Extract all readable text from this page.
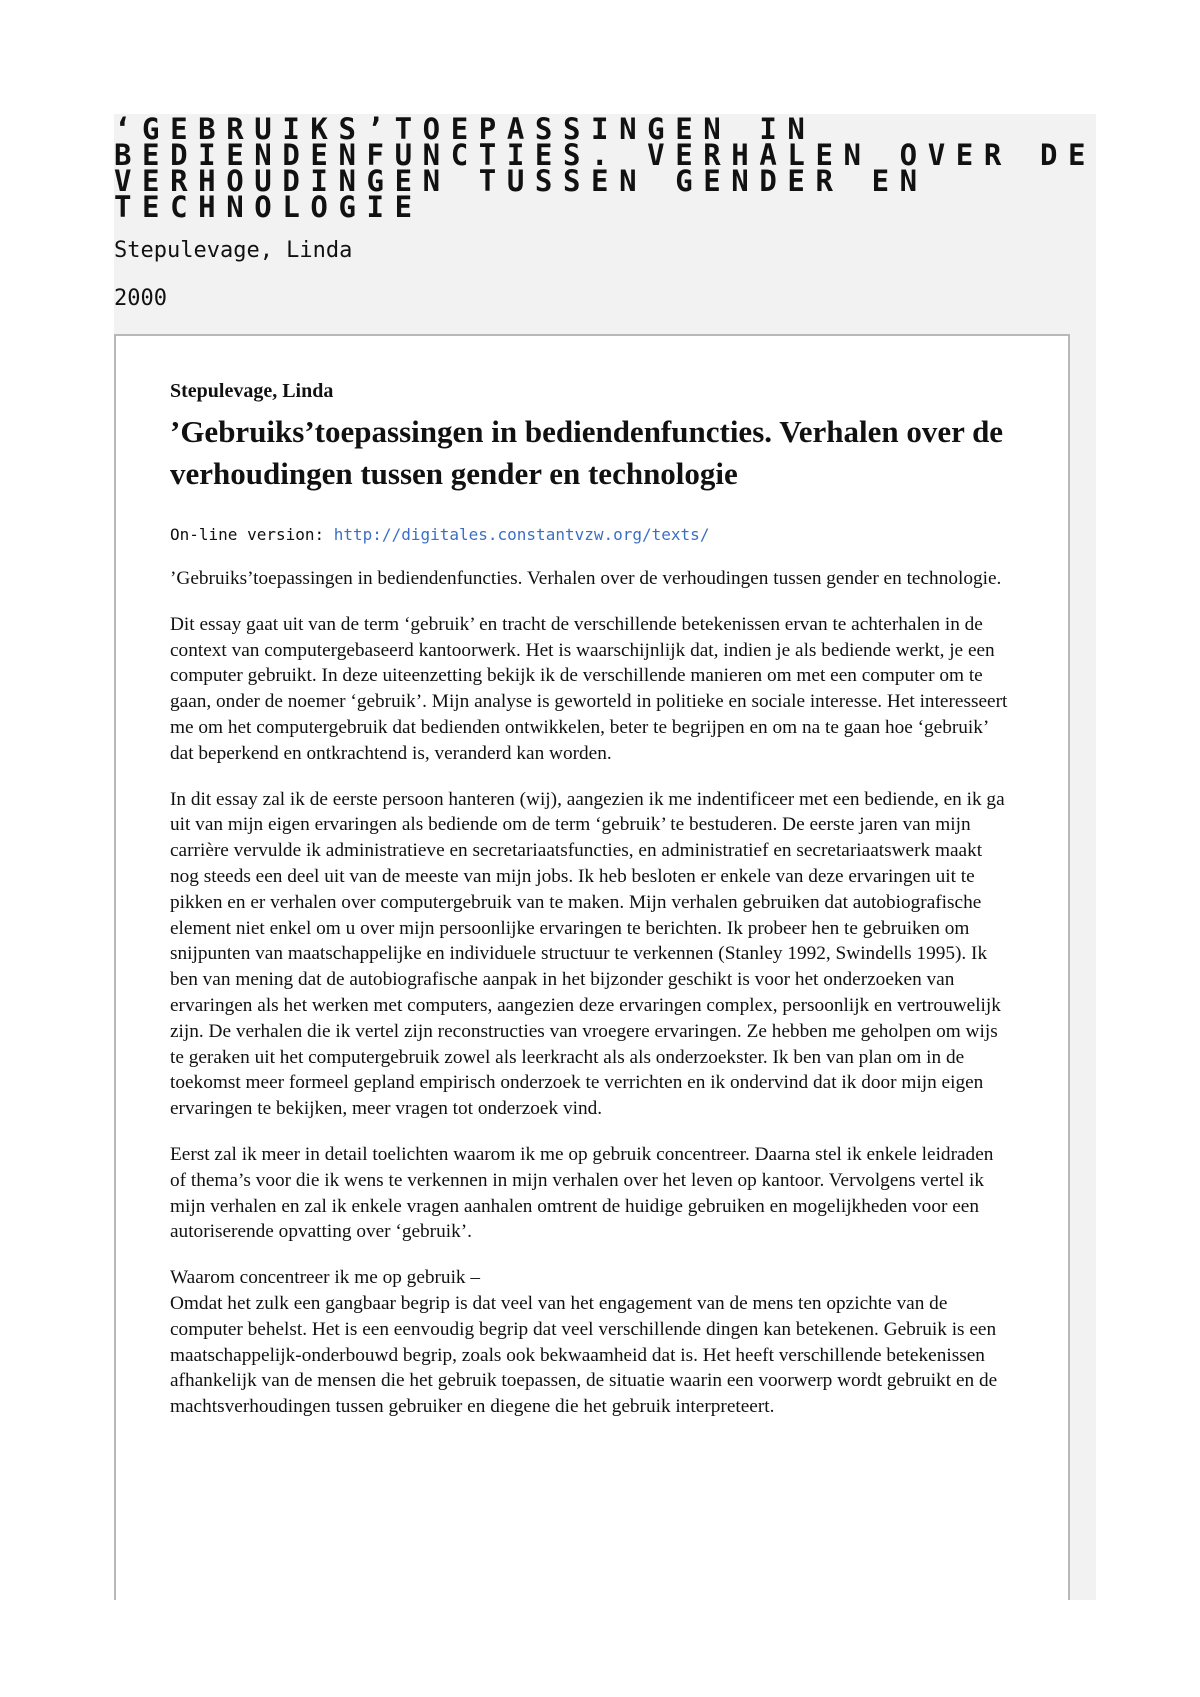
‘GEBRUIKS’TOEPASSINGEN IN BEDIENDENFUNCTIES. VERHALEN OVER DE VERHOUDINGEN TUSSEN GENDER EN TECHNOLOGIE

Stepulevage, Linda

2000

Stepulevage, Linda

’Gebruiks’toepassingen in bediendenfuncties. Verhalen over de verhoudingen tussen gender en technologie

On-line version: http://digitales.constantvzw.org/texts/

’Gebruiks’toepassingen in bediendenfuncties. Verhalen over de verhoudingen tussen gender en technologie.

Dit essay gaat uit van de term ‘gebruik’ en tracht de verschillende betekenissen ervan te achterhalen in de context van computergebaseerd kantoorwerk. Het is waarschijnlijk dat, indien je als bediende werkt, je een computer gebruikt. In deze uiteenzetting bekijk ik de verschillende manieren om met een computer om te gaan, onder de noemer ‘gebruik’. Mijn analyse is geworteld in politieke en sociale interesse. Het interesseert me om het computergebruik dat bedienden ontwikkelen, beter te begrijpen en om na te gaan hoe ‘gebruik’ dat beperkend en ontkrachtend is, veranderd kan worden.

In dit essay zal ik de eerste persoon hanteren (wij), aangezien ik me indentificeer met een bediende, en ik ga uit van mijn eigen ervaringen als bediende om de term ‘gebruik’ te bestuderen. De eerste jaren van mijn carrière vervulde ik administratieve en secretariaatsfuncties, en administratief en secretariaatswerk maakt nog steeds een deel uit van de meeste van mijn jobs. Ik heb besloten er enkele van deze ervaringen uit te pikken en er verhalen over computergebruik van te maken. Mijn verhalen gebruiken dat autobiografische element niet enkel om u over mijn persoonlijke ervaringen te berichten. Ik probeer hen te gebruiken om snijpunten van maatschappelijke en individuele structuur te verkennen (Stanley 1992, Swindells 1995). Ik ben van mening dat de autobiografische aanpak in het bijzonder geschikt is voor het onderzoeken van ervaringen als het werken met computers, aangezien deze ervaringen complex, persoonlijk en vertrouwelijk zijn. De verhalen die ik vertel zijn reconstructies van vroegere ervaringen. Ze hebben me geholpen om wijs te geraken uit het computergebruik zowel als leerkracht als als onderzoekster. Ik ben van plan om in de toekomst meer formeel gepland empirisch onderzoek te verrichten en ik ondervind dat ik door mijn eigen ervaringen te bekijken, meer vragen tot onderzoek vind.

Eerst zal ik meer in detail toelichten waarom ik me op gebruik concentreer. Daarna stel ik enkele leidraden of thema’s voor die ik wens te verkennen in mijn verhalen over het leven op kantoor. Vervolgens vertel ik mijn verhalen en zal ik enkele vragen aanhalen omtrent de huidige gebruiken en mogelijkheden voor een autoriserende opvatting over ‘gebruik’.

Waarom concentreer ik me op gebruik –

Omdat het zulk een gangbaar begrip is dat veel van het engagement van de mens ten opzichte van de computer behelst. Het is een eenvoudig begrip dat veel verschillende dingen kan betekenen. Gebruik is een maatschappelijk-onderbouwd begrip, zoals ook bekwaamheid dat is. Het heeft verschillende betekenissen afhankelijk van de mensen die het gebruik toepassen, de situatie waarin een voorwerp wordt gebruikt en de machtsverhoudingen tussen gebruiker en diegene die het gebruik interpreteert.
